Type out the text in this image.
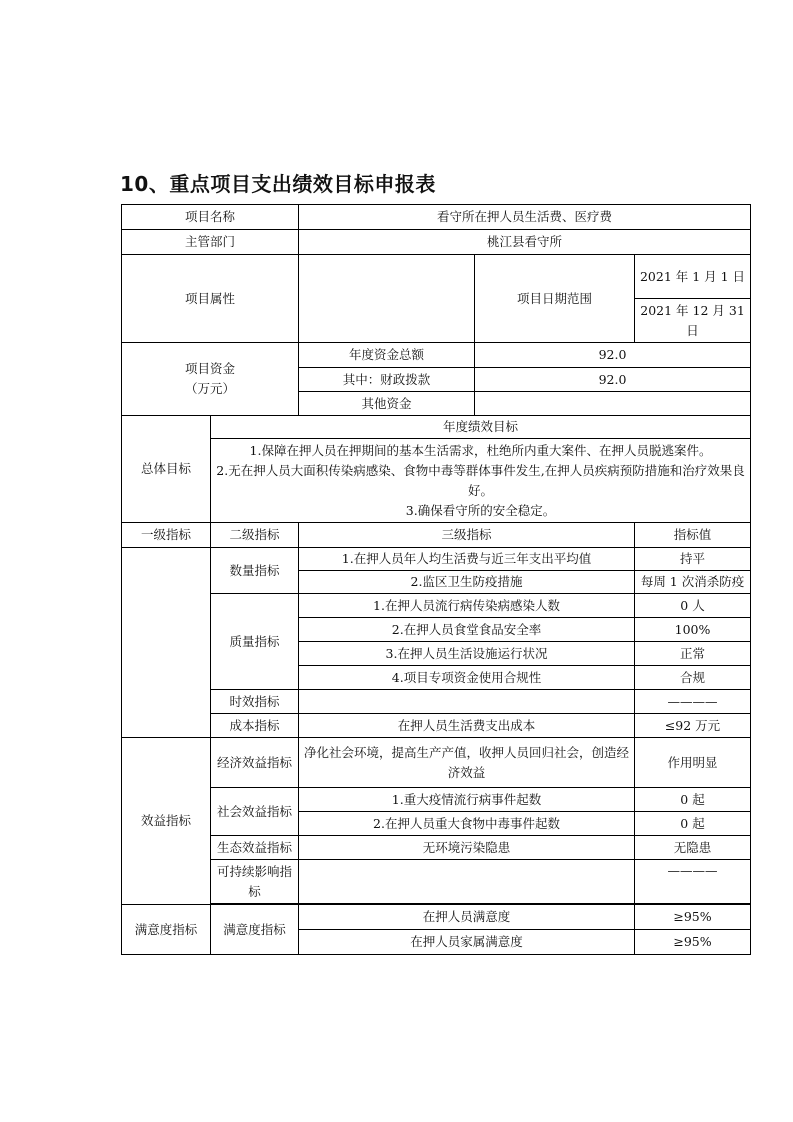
10、重点项目支出绩效目标申报表
项目名称		看守所在押人员生活费、医疗费		
主管部门		桃江县看守所		
项目属性			项目日期范围	2021 年 1 月 1 日
				2021 年 12 月 31 日

项目资金
（万元）		年度资金总额	92.0	
		其中：财政拨款	92.0	
		其他资金		
总体目标	年度绩效目标			

	1.保障在押人员在押期间的基本生活需求，杜绝所内重大案件、在押人员脱逃案件。
2.无在押人员大面积传染病感染、食物中毒等群体事件发生,在押人员疾病预防措施和治疗效果良好。
3.确保看守所的安全稳定。			

一级指标	二级指标	三级指标		指标值
	数量指标	1.在押人员年人均生活费与近三年支出平均值		持平
		2.监区卫生防疫措施		每周 1 次消杀防疫
	质量指标	1.在押人员流行病传染病感染人数		0 人
		2.在押人员食堂食品安全率		100%
		3.在押人员生活设施运行状况		正常
		4.项目专项资金使用合规性		合规
	时效指标			————
	成本指标	在押人员生活费支出成本		≤92 万元
效益指标	经济效益指标	净化社会环境，提高生产产值，收押人员回归社会，创造经济效益		作用明显
	社会效益指标	1.重大疫情流行病事件起数		0 起
		2.在押人员重大食物中毒事件起数		0 起
	生态效益指标	无环境污染隐患		无隐患
	可持续影响指标			————

满意度指标	满意度指标	在押人员满意度		≥95%
		在押人员家属满意度		≥95%
